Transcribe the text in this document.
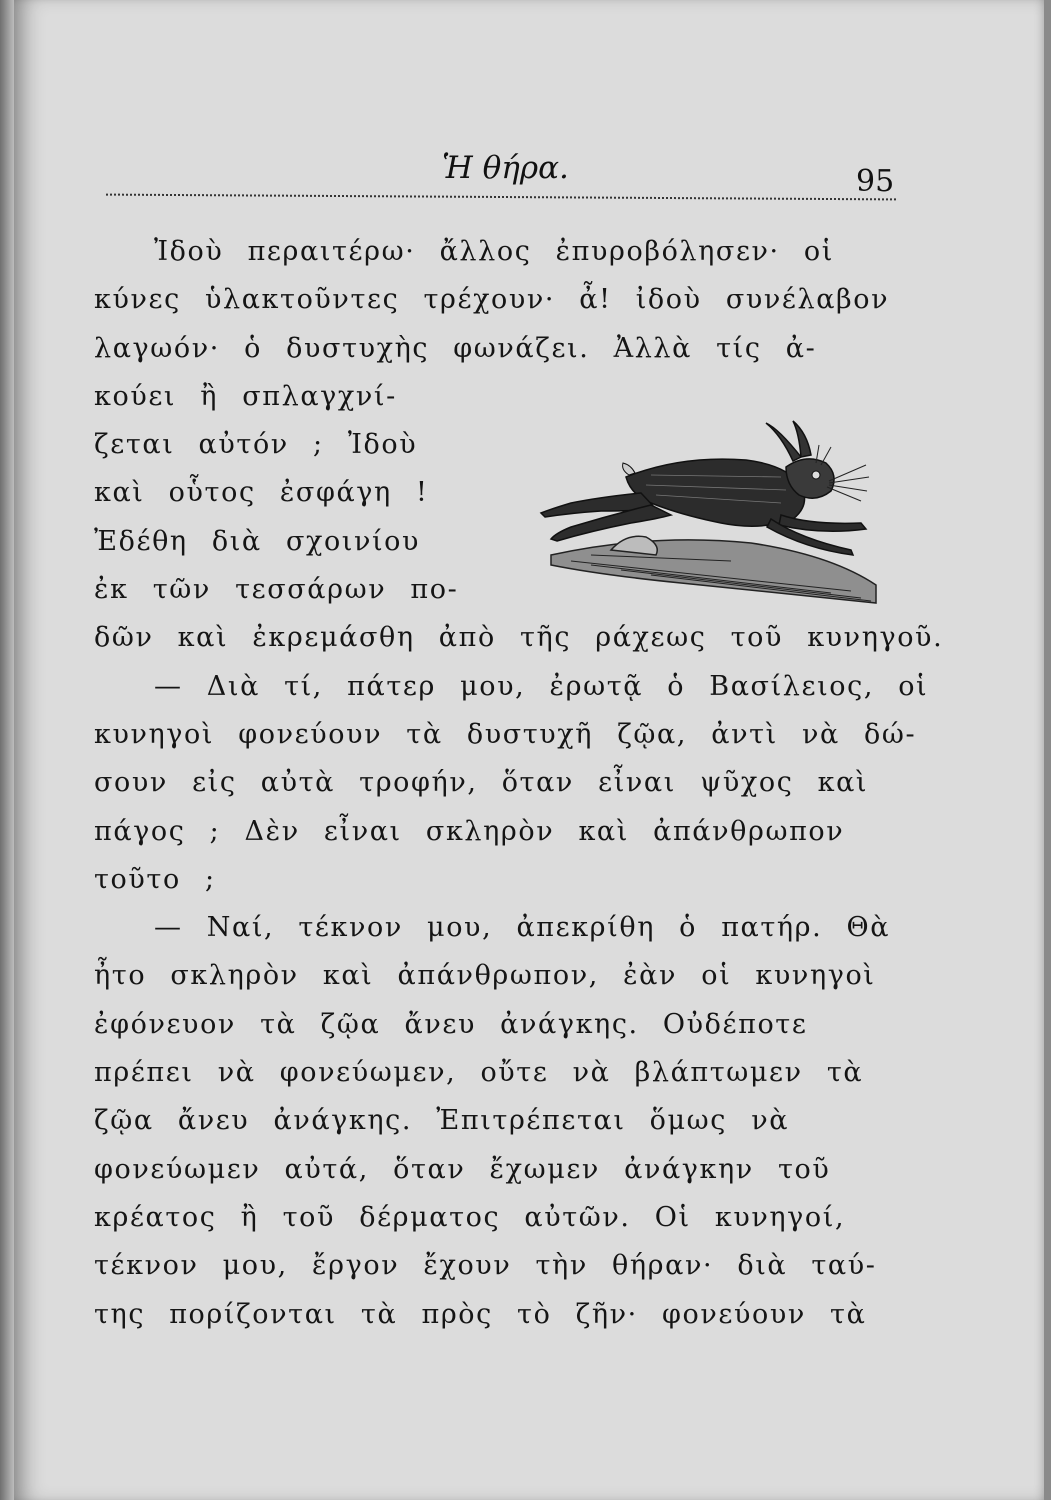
Ἡ θήρα.	95
Ἰδοὺ περαιτέρω· ἄλλος ἐπυροβόλησεν· οἱ
κύνες ὑλακτοῦντες τρέχουν· ἆ! ἰδοὺ συνέλαβον
λαγωόν· ὁ δυστυχὴς φωνάζει. Ἀλλὰ τίς ἀ-
κούει ἢ σπλαγχνί-
ζεται αὐτόν ; Ἰδοὺ
καὶ οὗτος ἐσφάγη !
Ἐδέθη διὰ σχοινίου
ἐκ τῶν τεσσάρων πο-
δῶν καὶ ἐκρεμάσθη ἀπὸ τῆς ράχεως τοῦ κυνηγοῦ.
— Διὰ τί, πάτερ μου, ἐρωτᾷ ὁ Βασίλειος, οἱ
κυνηγοὶ φονεύουν τὰ δυστυχῆ ζῷα, ἀντὶ νὰ δώ-
σουν εἰς αὐτὰ τροφήν, ὅταν εἶναι ψῦχος καὶ
πάγος ; Δὲν εἶναι σκληρὸν καὶ ἀπάνθρωπον
τοῦτο ;
— Ναί, τέκνον μου, ἀπεκρίθη ὁ πατήρ. Θὰ
ἦτο σκληρὸν καὶ ἀπάνθρωπον, ἐὰν οἱ κυνηγοὶ
ἐφόνευον τὰ ζῷα ἄνευ ἀνάγκης. Οὐδέποτε
πρέπει νὰ φονεύωμεν, οὔτε νὰ βλάπτωμεν τὰ
ζῷα ἄνευ ἀνάγκης. Ἐπιτρέπεται ὅμως νὰ
φονεύωμεν αὐτά, ὅταν ἔχωμεν ἀνάγκην τοῦ
κρέατος ἢ τοῦ δέρματος αὐτῶν. Οἱ κυνηγοί,
τέκνον μου, ἔργον ἔχουν τὴν θήραν· διὰ ταύ-
της πορίζονται τὰ πρὸς τὸ ζῆν· φονεύουν τὰ
